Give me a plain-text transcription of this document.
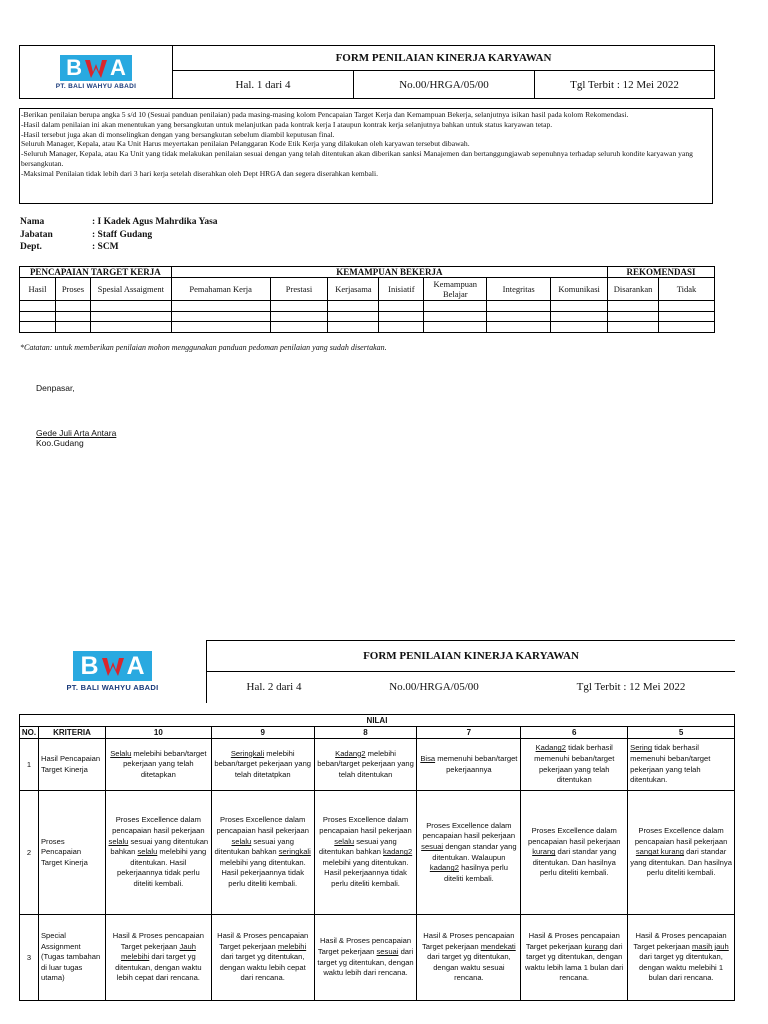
B A
PT. BALI WAHYU ABADI	FORM PENILAIAN KINERJA KARYAWAN		
	Hal. 1 dari 4	No.00/HRGA/05/00	Tgl Terbit : 12 Mei 2022

-Berikan penilaian berupa angka 5 s/d 10 (Sesuai panduan penilaian) pada masing-masing kolom Pencapaian Target Kerja dan Kemampuan Bekerja, selanjutnya isikan hasil pada kolom Rekomendasi.

-Hasil dalam penilaian ini akan menentukan yang bersangkutan untuk melanjutkan pada kontrak kerja I ataupun kontrak kerja selanjutnya bahkan untuk status karyawan tetap.

-Hasil tersebut juga akan di monselingkan dengan yang bersangkutan sebelum diambil keputusan final.

Seluruh Manager, Kepala, atau Ka Unit Harus meyertakan penilaian Pelanggaran Kode Etik Kerja yang dilakukan oleh karyawan tersebut dibawah.

-Seluruh Manager, Kepala, atau Ka Unit yang tidak melakukan penilaian sesuai dengan yang telah ditentukan akan diberikan sanksi Manajemen dan bertanggungjawab sepenuhnya terhadap seluruh kondite karyawan yang bersangkutan.

-Maksimal Penilaian tidak lebih dari 3 hari kerja setelah diserahkan oleh Dept HRGA dan segera diserahkan kembali.

Nama	: I Kadek Agus Mahrdika Yasa
Jabatan	: Staff Gudang
Dept.	: SCM
PENCAPAIAN TARGET KERJA			KEMAMPUAN BEKERJA							REKOMENDASI	
Hasil	Proses	Spesial Assaigment	Pemahaman Kerja	Prestasi	Kerjasama	Inisiatif	Kemampuan Belajar	Integritas	Komunikasi	Disarankan	Tidak

*Catatan: untuk memberikan penilaian mohon menggunakan panduan pedoman penilaian yang sudah disertakan.
Denpasar,
Gede Juli Arta Antara
Koo.Gudang
B A
PT. BALI WAHYU ABADI	FORM PENILAIAN KINERJA KARYAWAN		
	Hal. 2 dari 4	No.00/HRGA/05/00	Tgl Terbit : 12 Mei 2022
NILAI							
NO.	KRITERIA	10	9	8	7	6	5
1	Hasil Pencapaian Target Kinerja	Selalu melebihi beban/target pekerjaan yang telah ditetapkan	Seringkali melebihi beban/target pekerjaan yang telah ditetatpkan	Kadang2 melebihi beban/target pekerjaan yang telah ditentukan	Bisa memenuhi beban/target pekerjaannya	Kadang2 tidak berhasil memenuhi beban/target pekerjaan yang telah ditentukan	Sering tidak berhasil memenuhi beban/target pekerjaan yang telah ditentukan.
2	Proses Pencapaian Target Kinerja	Proses Excellence dalam pencapaian hasil pekerjaan selalu sesuai yang ditentukan bahkan selalu melebihi yang ditentukan. Hasil pekerjaannya tidak perlu diteliti kembali.	Proses Excellence dalam pencapaian hasil pekerjaan selalu sesuai yang ditentukan bahkan seringkali melebihi yang ditentukan. Hasil pekerjaannya tidak perlu diteliti kembali.	Proses Excellence dalam pencapaian hasil pekerjaan selalu sesuai yang ditentukan bahkan kadang2 melebihi yang ditentukan. Hasil pekerjaannya tidak perlu diteliti kembali.	Proses Excellence dalam pencapaian hasil pekerjaan sesuai dengan standar yang ditentukan. Walaupun kadang2 hasilnya perlu diteliti kembali.	Proses Excellence dalam pencapaian hasil pekerjaan kurang dari standar yang ditentukan. Dan hasilnya perlu diteliti kembali.	Proses Excellence dalam pencapaian hasil pekerjaan sangat kurang dari standar yang ditentukan. Dan hasilnya perlu diteliti kembali.
3	Special Assignment (Tugas tambahan di luar tugas utama)	Hasil & Proses pencapaian Target pekerjaan Jauh melebihi dari target yg ditentukan, dengan waktu lebih cepat dari rencana.	Hasil & Proses pencapaian Target pekerjaan melebihi dari target yg ditentukan, dengan waktu lebih cepat dari rencana.	Hasil & Proses pencapaian Target pekerjaan sesuai dari target yg ditentukan, dengan waktu lebih dari rencana.	Hasil & Proses pencapaian Target pekerjaan mendekati dari target yg ditentukan, dengan waktu sesuai rencana.	Hasil & Proses pencapaian Target pekerjaan kurang dari target yg ditentukan, dengan waktu lebih lama 1 bulan dari rencana.	Hasil & Proses pencapaian Target pekerjaan masih jauh dari target yg ditentukan, dengan waktu melebihi 1 bulan dari rencana.
